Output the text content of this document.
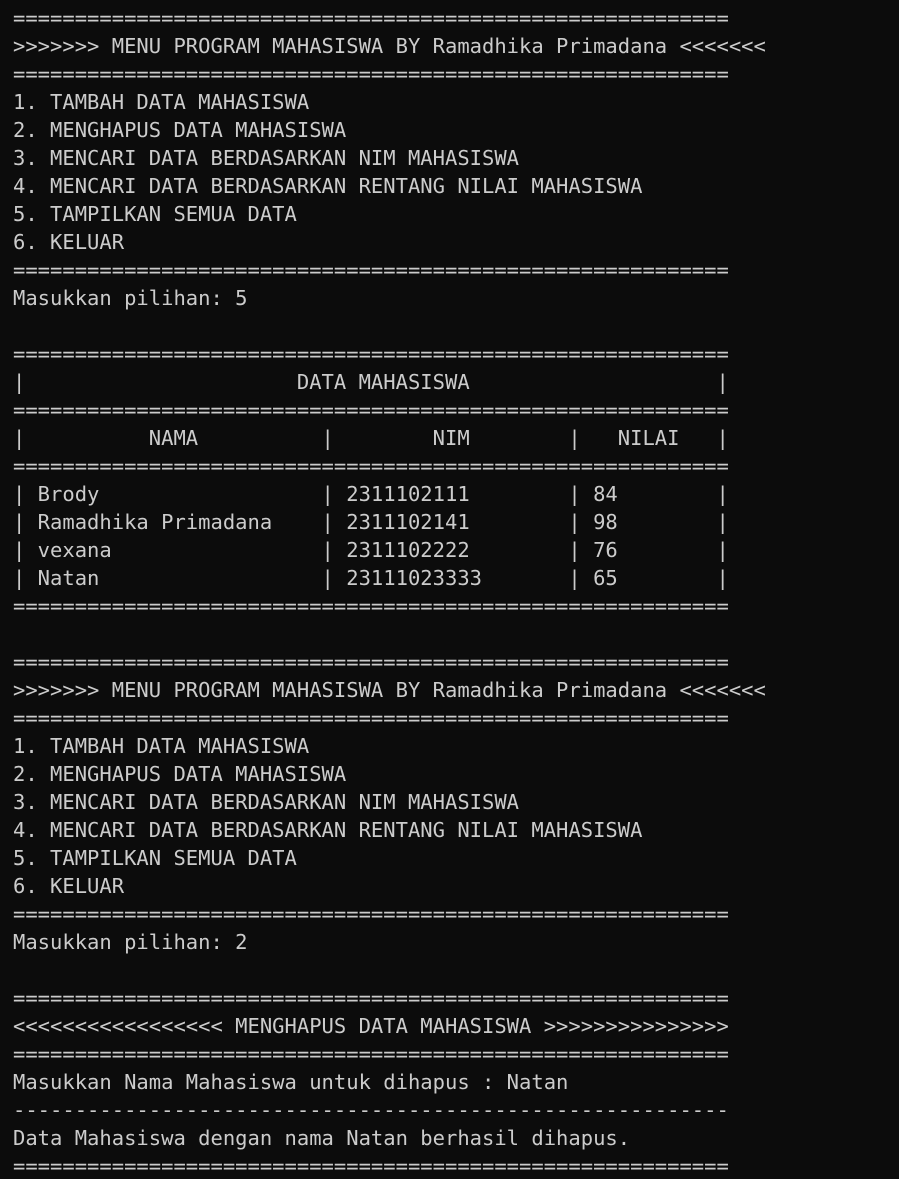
==========================================================
>>>>>>> MENU PROGRAM MAHASISWA BY Ramadhika Primadana <<<<<<<
==========================================================
1. TAMBAH DATA MAHASISWA
2. MENGHAPUS DATA MAHASISWA
3. MENCARI DATA BERDASARKAN NIM MAHASISWA
4. MENCARI DATA BERDASARKAN RENTANG NILAI MAHASISWA
5. TAMPILKAN SEMUA DATA
6. KELUAR
==========================================================
Masukkan pilihan: 5
==========================================================
|                      DATA MAHASISWA                    |
==========================================================
|          NAMA          |        NIM        |   NILAI   |
==========================================================
| Brody                  | 2311102111        | 84        |
| Ramadhika Primadana    | 2311102141        | 98        |
| vexana                 | 2311102222        | 76        |
| Natan                  | 23111023333       | 65        |
==========================================================
==========================================================
>>>>>>> MENU PROGRAM MAHASISWA BY Ramadhika Primadana <<<<<<<
==========================================================
1. TAMBAH DATA MAHASISWA
2. MENGHAPUS DATA MAHASISWA
3. MENCARI DATA BERDASARKAN NIM MAHASISWA
4. MENCARI DATA BERDASARKAN RENTANG NILAI MAHASISWA
5. TAMPILKAN SEMUA DATA
6. KELUAR
==========================================================
Masukkan pilihan: 2
==========================================================
<<<<<<<<<<<<<<<<< MENGHAPUS DATA MAHASISWA >>>>>>>>>>>>>>>
==========================================================
Masukkan Nama Mahasiswa untuk dihapus : Natan
----------------------------------------------------------
Data Mahasiswa dengan nama Natan berhasil dihapus.
==========================================================
